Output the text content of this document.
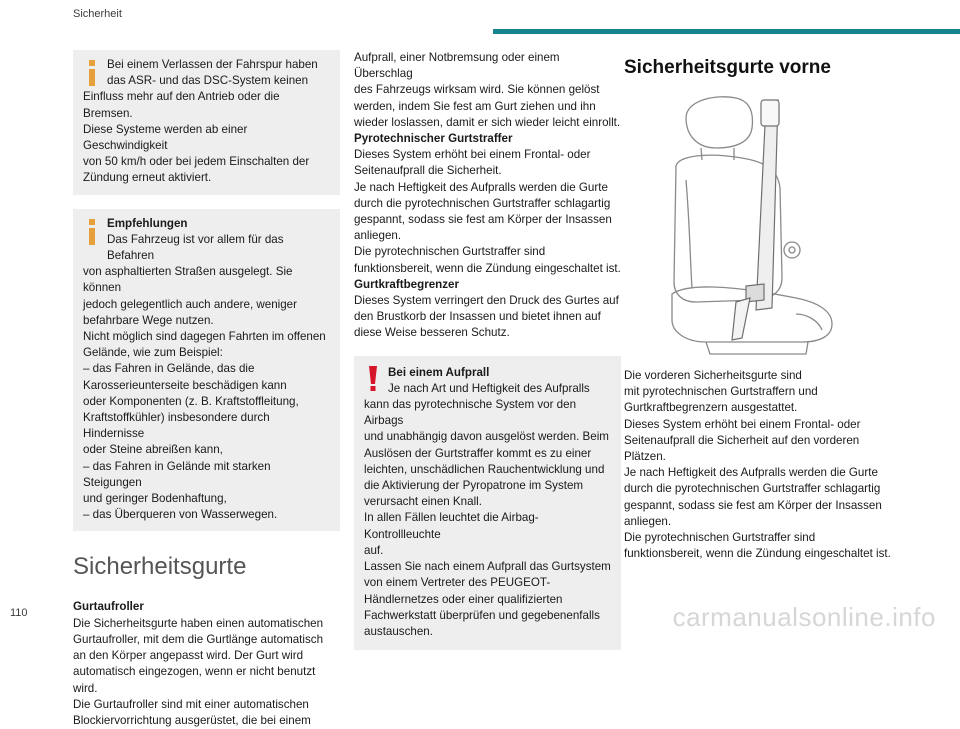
Sicherheit

Bei einem Verlassen der Fahrspur haben

das ASR- und das DSC-System keinen

Einfluss mehr auf den Antrieb oder die Bremsen.

Diese Systeme werden ab einer Geschwindigkeit

von 50 km/h oder bei jedem Einschalten der

Zündung erneut aktiviert.

Empfehlungen

Das Fahrzeug ist vor allem für das Befahren

von asphaltierten Straßen ausgelegt. Sie können

jedoch gelegentlich auch andere, weniger

befahrbare Wege nutzen.

Nicht möglich sind dagegen Fahrten im offenen

Gelände, wie zum Beispiel:

– das Fahren in Gelände, das die

Karosserieunterseite beschädigen kann

oder Komponenten (z. B. Kraftstoffleitung,

Kraftstoffkühler) insbesondere durch Hindernisse

oder Steine abreißen kann,

– das Fahren in Gelände mit starken Steigungen

und geringer Bodenhaftung,

– das Überqueren von Wasserwegen.

Sicherheitsgurte

Gurtaufroller

Die Sicherheitsgurte haben einen automatischen

Gurtaufroller, mit dem die Gurtlänge automatisch

an den Körper angepasst wird. Der Gurt wird

automatisch eingezogen, wenn er nicht benutzt wird.

Die Gurtaufroller sind mit einer automatischen

Blockiervorrichtung ausgerüstet, die bei einem

Aufprall, einer Notbremsung oder einem Überschlag

des Fahrzeugs wirksam wird. Sie können gelöst

werden, indem Sie fest am Gurt ziehen und ihn

wieder loslassen, damit er sich wieder leicht einrollt.

Pyrotechnischer Gurtstraffer

Dieses System erhöht bei einem Frontal- oder

Seitenaufprall die Sicherheit.

Je nach Heftigkeit des Aufpralls werden die Gurte

durch die pyrotechnischen Gurtstraffer schlagartig

gespannt, sodass sie fest am Körper der Insassen

anliegen.

Die pyrotechnischen Gurtstraffer sind

funktionsbereit, wenn die Zündung eingeschaltet ist.

Gurtkraftbegrenzer

Dieses System verringert den Druck des Gurtes auf

den Brustkorb der Insassen und bietet ihnen auf

diese Weise besseren Schutz.

Bei einem Aufprall

Je nach Art und Heftigkeit des Aufpralls

kann das pyrotechnische System vor den Airbags

und unabhängig davon ausgelöst werden. Beim

Auslösen der Gurtstraffer kommt es zu einer

leichten, unschädlichen Rauchentwicklung und

die Aktivierung der Pyropatrone im System

verursacht einen Knall.

In allen Fällen leuchtet die Airbag-Kontrollleuchte

auf.

Lassen Sie nach einem Aufprall das Gurtsystem

von einem Vertreter des PEUGEOT-

Händlernetzes oder einer qualifizierten

Fachwerkstatt überprüfen und gegebenenfalls

austauschen.

Sicherheitsgurte vorne

Die vorderen Sicherheitsgurte sind

mit pyrotechnischen Gurtstraffern und

Gurtkraftbegrenzern ausgestattet.

Dieses System erhöht bei einem Frontal- oder

Seitenaufprall die Sicherheit auf den vorderen

Plätzen.

Je nach Heftigkeit des Aufpralls werden die Gurte

durch die pyrotechnischen Gurtstraffer schlagartig

gespannt, sodass sie fest am Körper der Insassen

anliegen.

Die pyrotechnischen Gurtstraffer sind

funktionsbereit, wenn die Zündung eingeschaltet ist.

110	carmanualsonline.info
